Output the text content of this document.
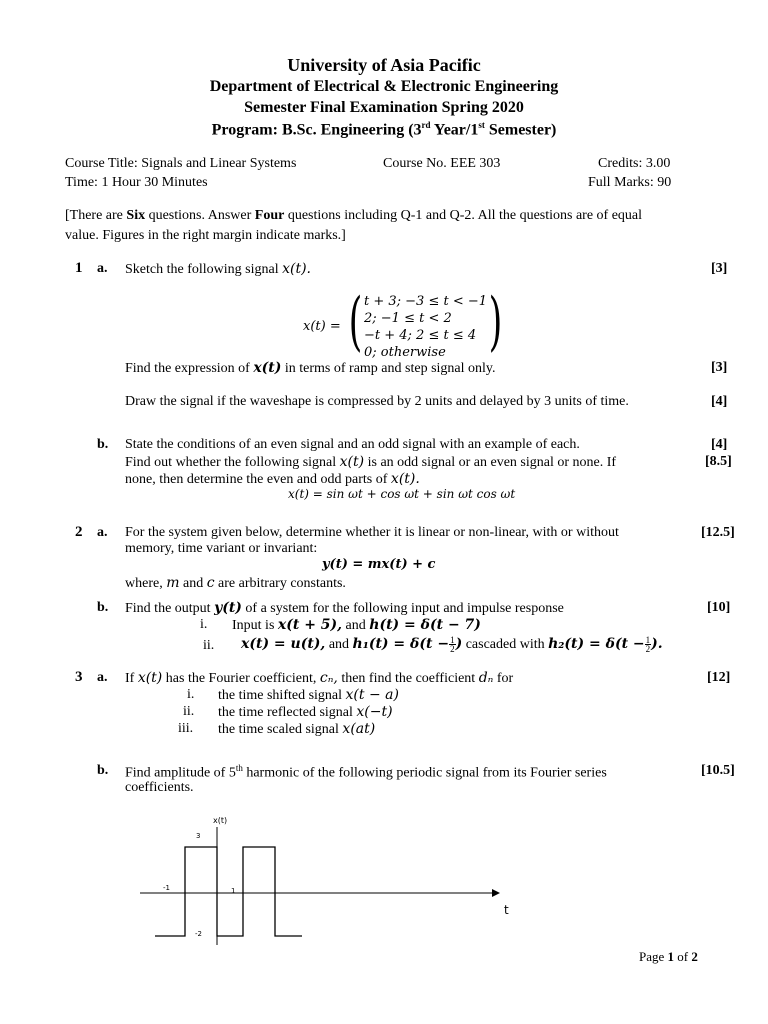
University of Asia Pacific
Department of Electrical & Electronic Engineering
Semester Final Examination Spring 2020
Program: B.Sc. Engineering (3rd Year/1st Semester)
Course Title: Signals and Linear Systems	Course No. EEE 303	Credits: 3.00
Time: 1 Hour 30 Minutes	Full Marks: 90
[There are Six questions. Answer Four questions including Q-1 and Q-2. All the questions are of equal
value. Figures in the right margin indicate marks.]
1 a. Sketch the following signal x(t).	[3]
x(t) = ( )
t + 3; −3 ≤ t < −1
2; −1 ≤ t < 2
−t + 4; 2 ≤ t ≤ 4
0; otherwise
Find the expression of x(t) in terms of ramp and step signal only.	[3]
Draw the signal if the waveshape is compressed by 2 units and delayed by 3 units of time.	[4]
b. State the conditions of an even signal and an odd signal with an example of each.	[4]
Find out whether the following signal x(t) is an odd signal or an even signal or none. If	[8.5]
none, then determine the even and odd parts of x(t).
x(t) = sin ωt + cos ωt + sin ωt cos ωt
2 a. For the system given below, determine whether it is linear or non-linear, with or without	[12.5]
memory, time variant or invariant:
y(t) = mx(t) + c
where, m and c are arbitrary constants.
b. Find the output y(t) of a system for the following input and impulse response	[10]
i. Input is x(t + 5), and h(t) = δ(t − 7)
ii. x(t) = u(t), and $h_1(t) = \delta(t - \frac{1}{2}$ ) cascaded with $h_2(t) = \delta(t - \frac{1}{2}$ ).
3 a. If x(t) has the Fourier coefficient, cₙ, then find the coefficient dₙ for	[12]
i. the time shifted signal x(t − a)
ii. the time reflected signal x(−t)
iii. the time scaled signal x(at)
b. Find amplitude of 5th harmonic of the following periodic signal from its Fourier series	[10.5]
coefficients.
x(t)
t
3
-2
-1	1
Page 1 of 2
